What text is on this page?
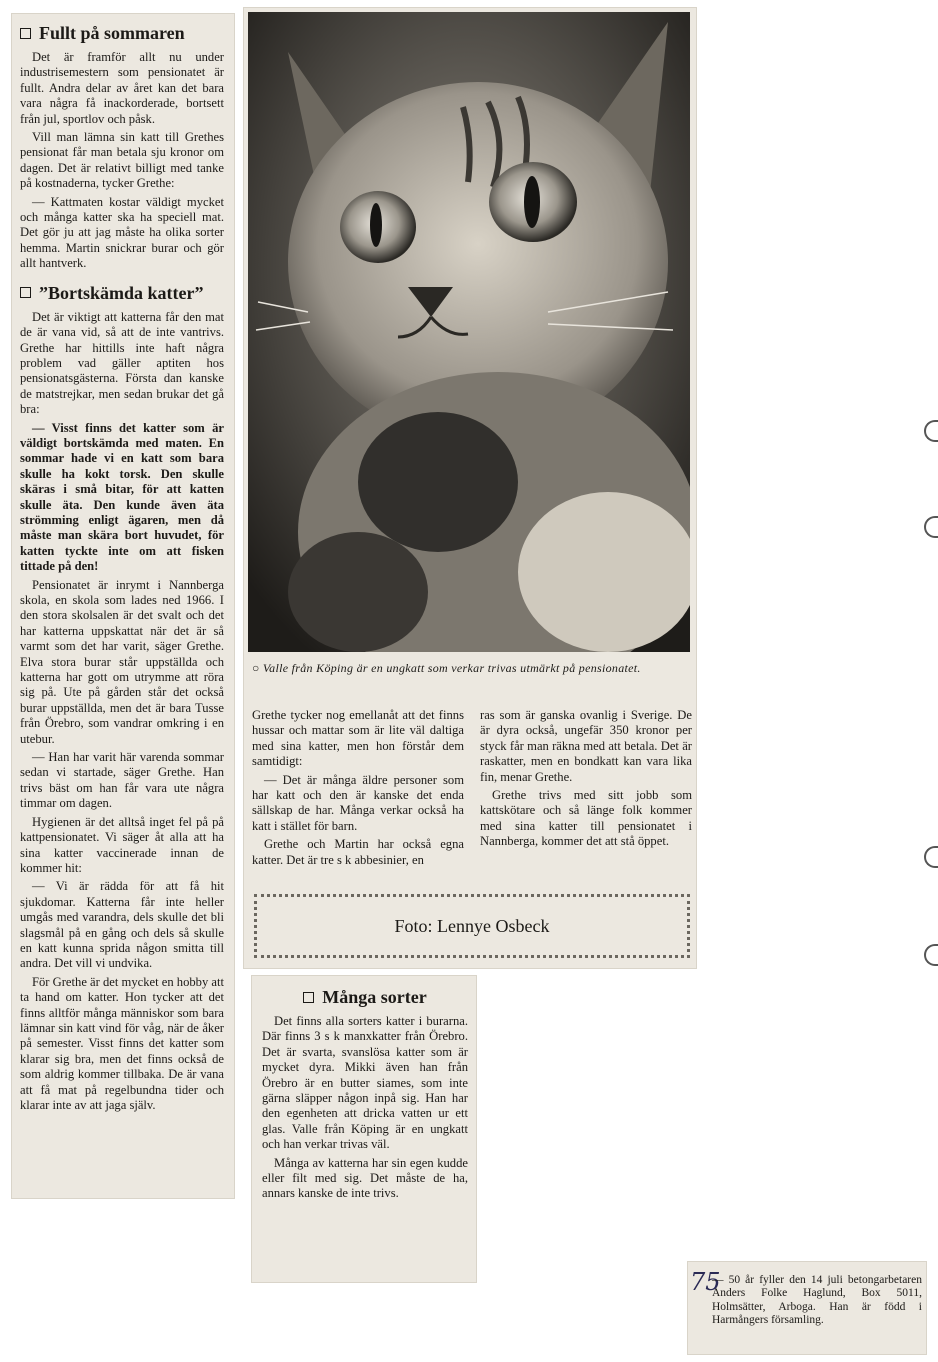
Fullt på sommaren

Det är framför allt nu under industrisemestern som pensionatet är fullt. Andra delar av året kan det bara vara några få inackorderade, bortsett från jul, sportlov och påsk.

Vill man lämna sin katt till Grethes pensionat får man betala sju kronor om dagen. Det är relativt billigt med tanke på kostnaderna, tycker Grethe:

— Kattmaten kostar väldigt mycket och många katter ska ha speciell mat. Det gör ju att jag måste ha olika sorter hemma. Martin snickrar burar och gör allt hantverk.

”Bortskämda katter”

Det är viktigt att katterna får den mat de är vana vid, så att de inte vantrivs. Grethe har hittills inte haft några problem vad gäller aptiten hos pensionatsgästerna. Första dan kanske de matstrejkar, men sedan brukar det gå bra:

— Visst finns det katter som är väldigt bortskämda med maten. En sommar hade vi en katt som bara skulle ha kokt torsk. Den skulle skäras i små bitar, för att katten skulle äta. Den kunde även äta strömming enligt ägaren, men då måste man skära bort huvudet, för katten tyckte inte om att fisken tittade på den!

Pensionatet är inrymt i Nannberga skola, en skola som lades ned 1966. I den stora skolsalen är det svalt och det har katterna uppskattat när det är så varmt som det har varit, säger Grethe. Elva stora burar står uppställda och katterna har gott om utrymme att röra sig på. Ute på gården står det också burar uppställda, men det är bara Tusse från Örebro, som vandrar omkring i en utebur.

— Han har varit här varenda sommar sedan vi startade, säger Grethe. Han trivs bäst om han får vara ute några timmar om dagen.

Hygienen är det alltså inget fel på på kattpensionatet. Vi säger åt alla att ha sina katter vaccinerade innan de kommer hit:

— Vi är rädda för att få hit sjukdomar. Katterna får inte heller umgås med varandra, dels skulle det bli slagsmål på en gång och dels så skulle en katt kunna sprida någon smitta till andra. Det vill vi undvika.

För Grethe är det mycket en hobby att ta hand om katter. Hon tycker att det finns alltför många människor som bara lämnar sin katt vind för våg, när de åker på semester. Visst finns det katter som klarar sig bra, men det finns också de som aldrig kommer tillbaka. De är vana att få mat på regelbundna tider och klarar inte av att jaga själv.

○ Valle från Köping är en ungkatt som verkar trivas utmärkt på pensionatet.

Grethe tycker nog emellanåt att det finns hussar och mattar som är lite väl daltiga med sina katter, men hon förstår dem samtidigt:

— Det är många äldre personer som har katt och den är kanske det enda sällskap de har. Många verkar också ha katt i stället för barn.

Grethe och Martin har också egna katter. Det är tre s k abbesinier, en

ras som är ganska ovanlig i Sverige. De är dyra också, ungefär 350 kronor per styck får man räkna med att betala. Det är raskatter, men en bondkatt kan vara lika fin, menar Grethe.

Grethe trivs med sitt jobb som kattskötare och så länge folk kommer med sina katter till pensionatet i Nannberga, kommer det att stå öppet.

Foto: Lennye Osbeck
Många sorter

Det finns alla sorters katter i burarna. Där finns 3 s k manxkatter från Örebro. Det är svarta, svanslösa katter som är mycket dyra. Mikki även han från Örebro är en butter siames, som inte gärna släpper någon inpå sig. Han har den egenheten att dricka vatten ur ett glas. Valle från Köping är en ungkatt och han verkar trivas väl.

Många av katterna har sin egen kudde eller filt med sig. Det måste de ha, annars kanske de inte trivs.

75
— 50 år fyller den 14 juli betongarbetaren Anders Folke Haglund, Box 5011, Holmsätter, Arboga. Han är född i Harmångers församling.
